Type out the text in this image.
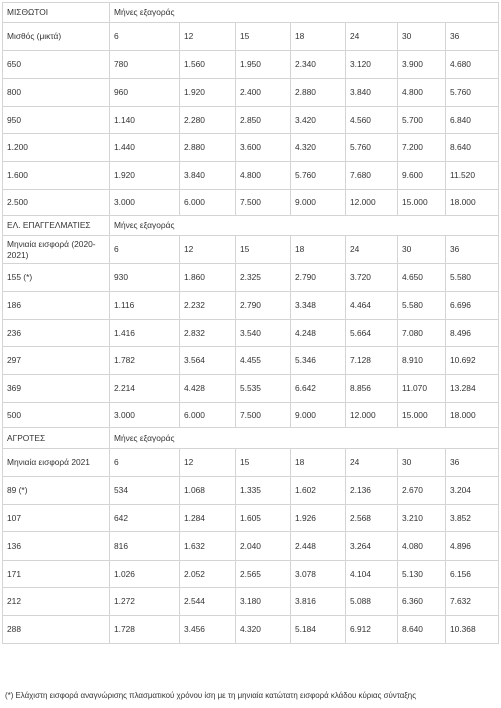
ΜΙΣΘΩΤΟΙ	Μήνες εξαγοράς						
Μισθός (μικτά)	6	12	15	18	24	30	36
650	780	1.560	1.950	2.340	3.120	3.900	4.680
800	960	1.920	2.400	2.880	3.840	4.800	5.760
950	1.140	2.280	2.850	3.420	4.560	5.700	6.840
1.200	1.440	2.880	3.600	4.320	5.760	7.200	8.640
1.600	1.920	3.840	4.800	5.760	7.680	9.600	11.520
2.500	3.000	6.000	7.500	9.000	12.000	15.000	18.000
ΕΛ. ΕΠΑΓΓΕΛΜΑΤΙΕΣ	Μήνες εξαγοράς						
Μηνιαία εισφορά (2020-2021)	6	12	15	18	24	30	36
155 (*)	930	1.860	2.325	2.790	3.720	4.650	5.580
186	1.116	2.232	2.790	3.348	4.464	5.580	6.696
236	1.416	2.832	3.540	4.248	5.664	7.080	8.496
297	1.782	3.564	4.455	5.346	7.128	8.910	10.692
369	2.214	4.428	5.535	6.642	8.856	11.070	13.284
500	3.000	6.000	7.500	9.000	12.000	15.000	18.000
ΑΓΡΟΤΕΣ	Μήνες εξαγοράς						
Μηνιαία εισφορά 2021	6	12	15	18	24	30	36
89 (*)	534	1.068	1.335	1.602	2.136	2.670	3.204
107	642	1.284	1.605	1.926	2.568	3.210	3.852
136	816	1.632	2.040	2.448	3.264	4.080	4.896
171	1.026	2.052	2.565	3.078	4.104	5.130	6.156
212	1.272	2.544	3.180	3.816	5.088	6.360	7.632
288	1.728	3.456	4.320	5.184	6.912	8.640	10.368
(*) Ελάχιστη εισφορά αναγνώρισης πλασματικού χρόνου ίση με τη μηνιαία κατώτατη εισφορά κλάδου κύριας σύνταξης
